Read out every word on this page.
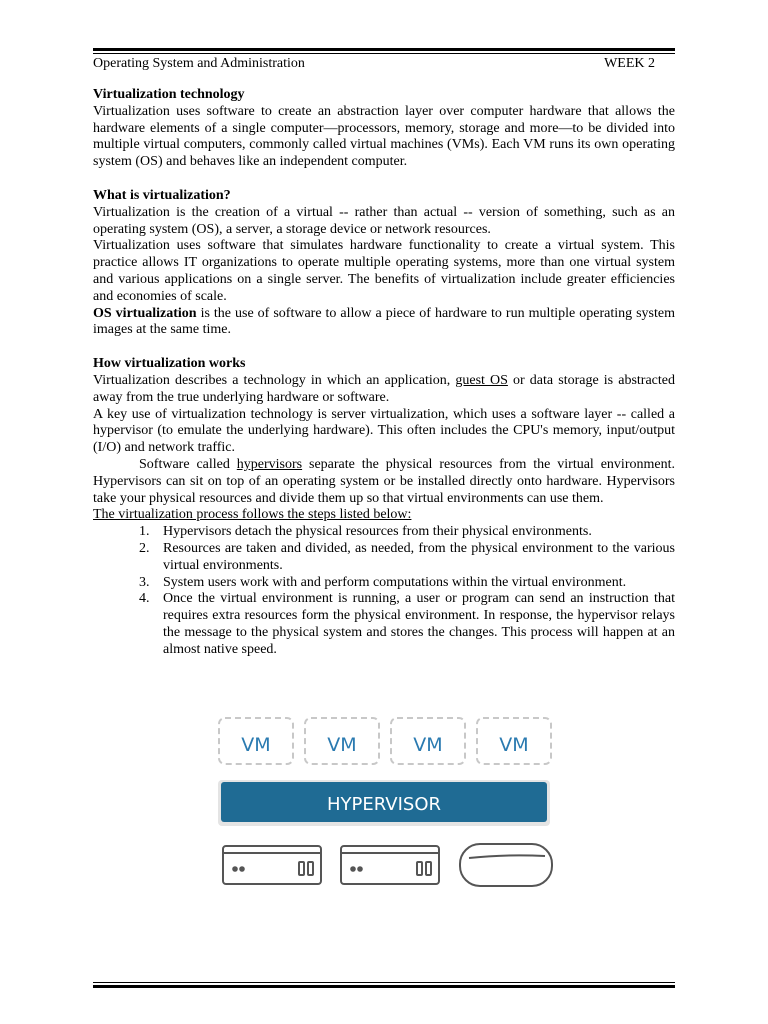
Operating System and Administration	WEEK 2
Virtualization technology

Virtualization uses software to create an abstraction layer over computer hardware that allows the hardware elements of a single computer—processors, memory, storage and more—to be divided into multiple virtual computers, commonly called virtual machines (VMs). Each VM runs its own operating system (OS) and behaves like an independent computer.

What is virtualization?

Virtualization is the creation of a virtual -- rather than actual -- version of something, such as an operating system (OS), a server, a storage device or network resources.

Virtualization uses software that simulates hardware functionality to create a virtual system. This practice allows IT organizations to operate multiple operating systems, more than one virtual system and various applications on a single server. The benefits of virtualization include greater efficiencies and economies of scale.

OS virtualization is the use of software to allow a piece of hardware to run multiple operating system images at the same time.

How virtualization works

Virtualization describes a technology in which an application, guest OS or data storage is abstracted away from the true underlying hardware or software.

A key use of virtualization technology is server virtualization, which uses a software layer -- called a hypervisor (to emulate the underlying hardware). This often includes the CPU's memory, input/output (I/O) and network traffic.

Software called hypervisors separate the physical resources from the virtual environment. Hypervisors can sit on top of an operating system or be installed directly onto hardware. Hypervisors take your physical resources and divide them up so that virtual environments can use them.

The virtualization process follows the steps listed below:

1. Hypervisors detach the physical resources from their physical environments.
2. Resources are taken and divided, as needed, from the physical environment to the various virtual environments.
3. System users work with and perform computations within the virtual environment.
4. Once the virtual environment is running, a user or program can send an instruction that requires extra resources form the physical environment. In response, the hypervisor relays the message to the physical system and stores the changes. This process will happen at an almost native speed.
VM	VM	VM	VM
HYPERVISOR
